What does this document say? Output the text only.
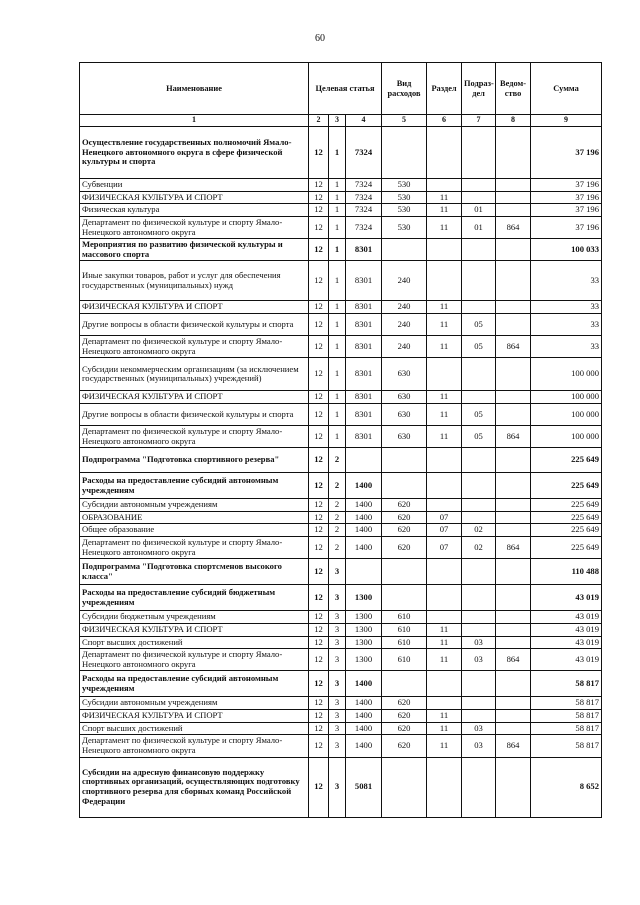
60
Наименование	Целевая статья			Вид расходов	Раздел	Подраз-дел	Ведом-ство	Сумма
1	2	3	4	5	6	7	8	9
Осуществление государственных полномочий Ямало-Ненецкого автономного округа в сфере физической культуры и спорта	12	1	7324					37 196
Субвенции	12	1	7324	530				37 196
ФИЗИЧЕСКАЯ КУЛЬТУРА И СПОРТ	12	1	7324	530	11			37 196
Физическая культура	12	1	7324	530	11	01		37 196
Департамент по физической культуре и спорту Ямало-Ненецкого автономного округа	12	1	7324	530	11	01	864	37 196
Мероприятия по развитию физической культуры и массового спорта	12	1	8301					100 033
Иные закупки товаров, работ и услуг для обеспечения государственных (муниципальных) нужд	12	1	8301	240				33
ФИЗИЧЕСКАЯ КУЛЬТУРА И СПОРТ	12	1	8301	240	11			33
Другие вопросы в области физической культуры и спорта	12	1	8301	240	11	05		33
Департамент по физической культуре и спорту Ямало-Ненецкого автономного округа	12	1	8301	240	11	05	864	33
Субсидии некоммерческим организациям (за исключением государственных (муниципальных) учреждений)	12	1	8301	630				100 000
ФИЗИЧЕСКАЯ КУЛЬТУРА И СПОРТ	12	1	8301	630	11			100 000
Другие вопросы в области физической культуры и спорта	12	1	8301	630	11	05		100 000
Департамент по физической культуре и спорту Ямало-Ненецкого автономного округа	12	1	8301	630	11	05	864	100 000
Подпрограмма "Подготовка спортивного резерва"	12	2						225 649
Расходы на предоставление субсидий автономным учреждениям	12	2	1400					225 649
Субсидии автономным учреждениям	12	2	1400	620				225 649
ОБРАЗОВАНИЕ	12	2	1400	620	07			225 649
Общее образование	12	2	1400	620	07	02		225 649
Департамент по физической культуре и спорту Ямало-Ненецкого автономного округа	12	2	1400	620	07	02	864	225 649
Подпрограмма "Подготовка спортсменов высокого класса"	12	3						110 488
Расходы на предоставление субсидий бюджетным учреждениям	12	3	1300					43 019
Субсидии бюджетным учреждениям	12	3	1300	610				43 019
ФИЗИЧЕСКАЯ КУЛЬТУРА И СПОРТ	12	3	1300	610	11			43 019
Спорт высших достижений	12	3	1300	610	11	03		43 019
Департамент по физической культуре и спорту Ямало-Ненецкого автономного округа	12	3	1300	610	11	03	864	43 019
Расходы на предоставление субсидий автономным учреждениям	12	3	1400					58 817
Субсидии автономным учреждениям	12	3	1400	620				58 817
ФИЗИЧЕСКАЯ КУЛЬТУРА И СПОРТ	12	3	1400	620	11			58 817
Спорт высших достижений	12	3	1400	620	11	03		58 817
Департамент по физической культуре и спорту Ямало-Ненецкого автономного округа	12	3	1400	620	11	03	864	58 817
Субсидии на адресную финансовую поддержку спортивных организаций, осуществляющих подготовку спортивного резерва для сборных команд Российской Федерации	12	3	5081					8 652
